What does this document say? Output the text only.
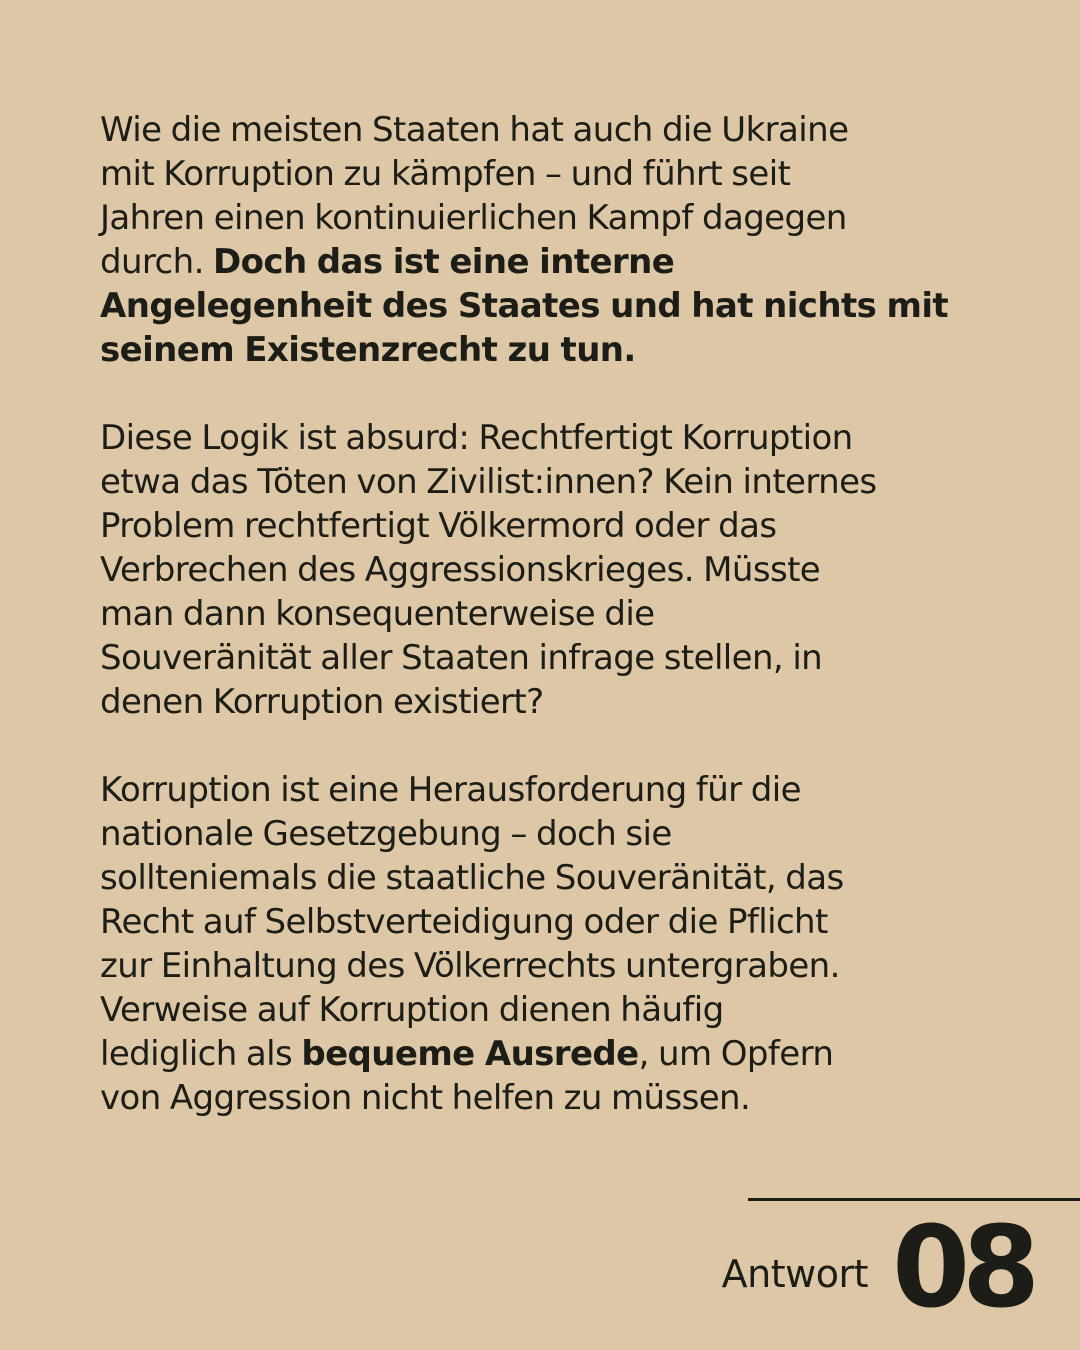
Wie die meisten Staaten hat auch die Ukraine
mit Korruption zu kämpfen – und führt seit
Jahren einen kontinuierlichen Kampf dagegen
durch. Doch das ist eine interne
Angelegenheit des Staates und hat nichts mit
seinem Existenzrecht zu tun.

Diese Logik ist absurd: Rechtfertigt Korruption
etwa das Töten von Zivilist:innen? Kein internes
Problem rechtfertigt Völkermord oder das
Verbrechen des Aggressionskrieges. Müsste
man dann konsequenterweise die
Souveränität aller Staaten infrage stellen, in
denen Korruption existiert?

Korruption ist eine Herausforderung für die
nationale Gesetzgebung – doch sie
sollteniemals die staatliche Souveränität, das
Recht auf Selbstverteidigung oder die Pflicht
zur Einhaltung des Völkerrechts untergraben.
Verweise auf Korruption dienen häufig
lediglich als bequeme Ausrede, um Opfern
von Aggression nicht helfen zu müssen.

Antwort 08
